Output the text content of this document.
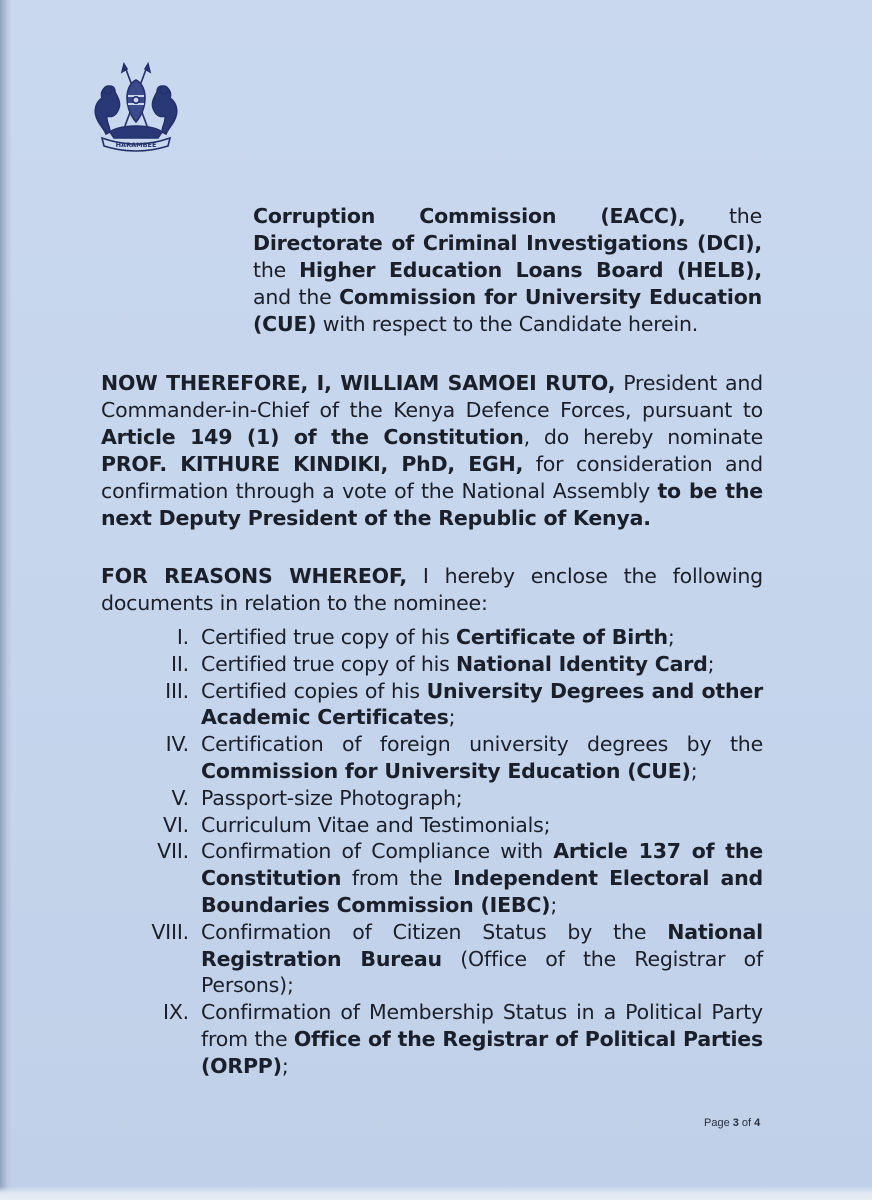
HARAMBEE
Corruption Commission (EACC), the Directorate of Criminal Investigations (DCI), the Higher Education Loans Board (HELB), and the Commission for University Education (CUE) with respect to the Candidate herein.
NOW THEREFORE, I, WILLIAM SAMOEI RUTO, President and Commander-in-Chief of the Kenya Defence Forces, pursuant to Article 149 (1) of the Constitution, do hereby nominate PROF. KITHURE KINDIKI, PhD, EGH, for consideration and confirmation through a vote of the National Assembly to be the next Deputy President of the Republic of Kenya.
FOR REASONS WHEREOF, I hereby enclose the following documents in relation to the nominee:
I. Certified true copy of his Certificate of Birth;
II. Certified true copy of his National Identity Card;
III. Certified copies of his University Degrees and other Academic Certificates;
IV. Certification of foreign university degrees by the Commission for University Education (CUE);
V. Passport-size Photograph;
VI. Curriculum Vitae and Testimonials;
VII. Confirmation of Compliance with Article 137 of the Constitution from the Independent Electoral and Boundaries Commission (IEBC);
VIII. Confirmation of Citizen Status by the National Registration Bureau (Office of the Registrar of Persons);
IX. Confirmation of Membership Status in a Political Party from the Office of the Registrar of Political Parties (ORPP);
Page 3 of 4
